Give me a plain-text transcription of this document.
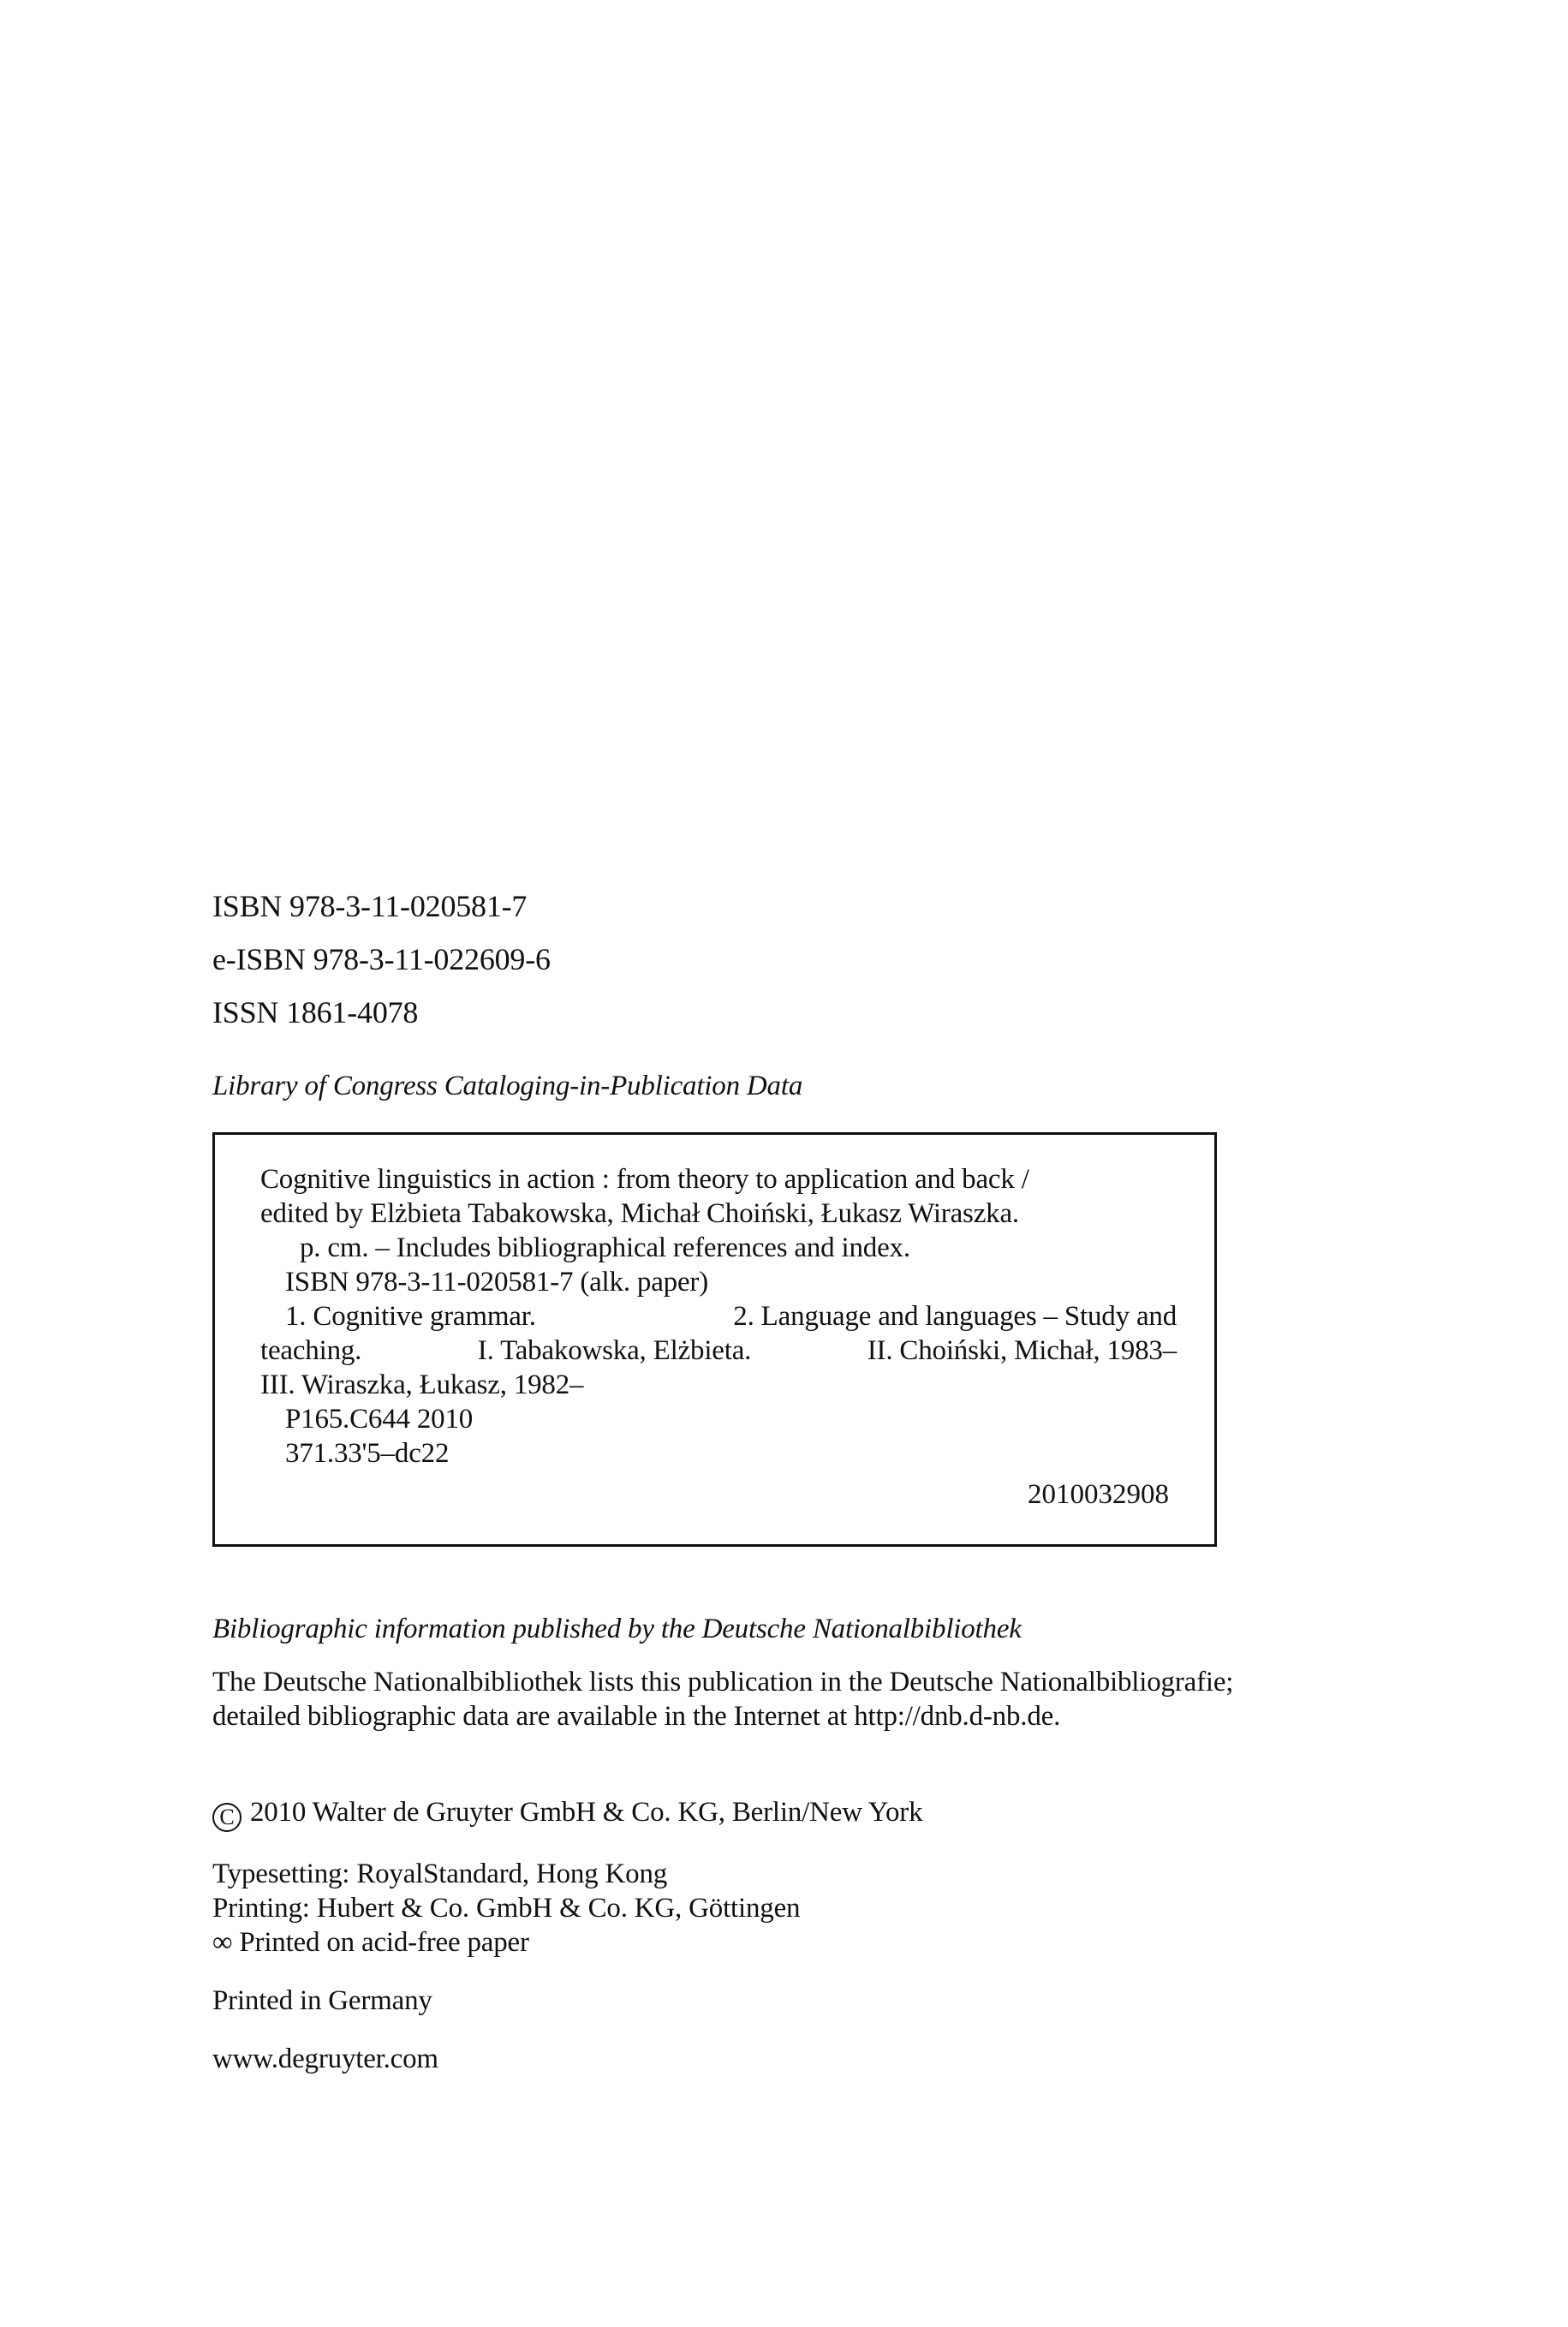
ISBN 978-3-11-020581-7
e-ISBN 978-3-11-022609-6
ISSN 1861-4078
Library of Congress Cataloging-in-Publication Data
Cognitive linguistics in action : from theory to application and back /
edited by Elżbieta Tabakowska, Michał Choiński, Łukasz Wiraszka.
p. cm. – Includes bibliographical references and index.
ISBN 978-3-11-020581-7 (alk. paper)
1. Cognitive grammar.	2. Language and languages – Study and
teaching.	I. Tabakowska, Elżbieta.	II. Choiński, Michał, 1983–
III. Wiraszka, Łukasz, 1982–
P165.C644 2010
371.33'5–dc22
2010032908
Bibliographic information published by the Deutsche Nationalbibliothek
The Deutsche Nationalbibliothek lists this publication in the Deutsche Nationalbibliografie;
detailed bibliographic data are available in the Internet at http://dnb.d-nb.de.
C 2010 Walter de Gruyter GmbH & Co. KG, Berlin/New York
Typesetting: RoyalStandard, Hong Kong
Printing: Hubert & Co. GmbH & Co. KG, Göttingen
∞ Printed on acid-free paper
Printed in Germany
www.degruyter.com
